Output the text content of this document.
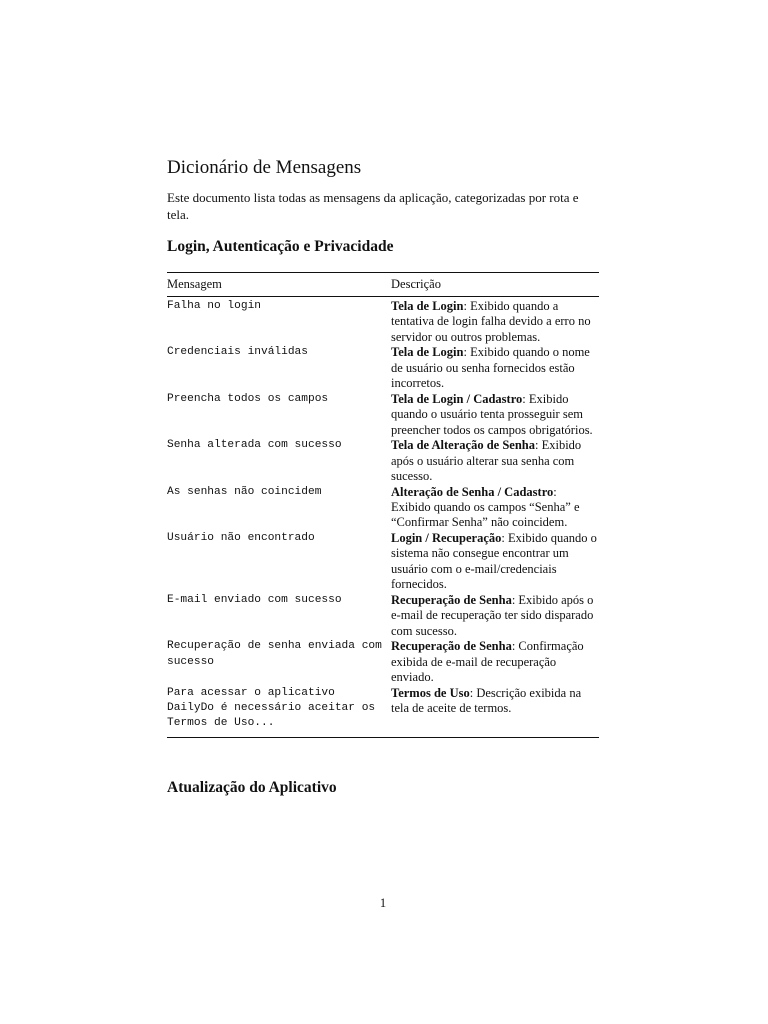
Dicionário de Mensagens

Este documento lista todas as mensagens da aplicação, categorizadas por rota e tela.

Login, Autenticação e Privacidade
Mensagem	Descrição
Falha no login	Tela de Login: Exibido quando a tentativa de login falha devido a erro no servidor ou outros problemas.
Credenciais inválidas	Tela de Login: Exibido quando o nome de usuário ou senha fornecidos estão incorretos.
Preencha todos os campos	Tela de Login / Cadastro: Exibido quando o usuário tenta prosseguir sem preencher todos os campos obrigatórios.
Senha alterada com sucesso	Tela de Alteração de Senha: Exibido após o usuário alterar sua senha com sucesso.
As senhas não coincidem	Alteração de Senha / Cadastro: Exibido quando os campos “Senha” e “Confirmar Senha” não coincidem.
Usuário não encontrado	Login / Recuperação: Exibido quando o sistema não consegue encontrar um usuário com o e-mail/credenciais fornecidos.
E-mail enviado com sucesso	Recuperação de Senha: Exibido após o e-mail de recuperação ter sido disparado com sucesso.
Recuperação de senha enviada com sucesso	Recuperação de Senha: Confirmação exibida de e-mail de recuperação enviado.
Para acessar o aplicativo DailyDo é necessário aceitar os Termos de Uso...	Termos de Uso: Descrição exibida na tela de aceite de termos.
Atualização do Aplicativo
1
